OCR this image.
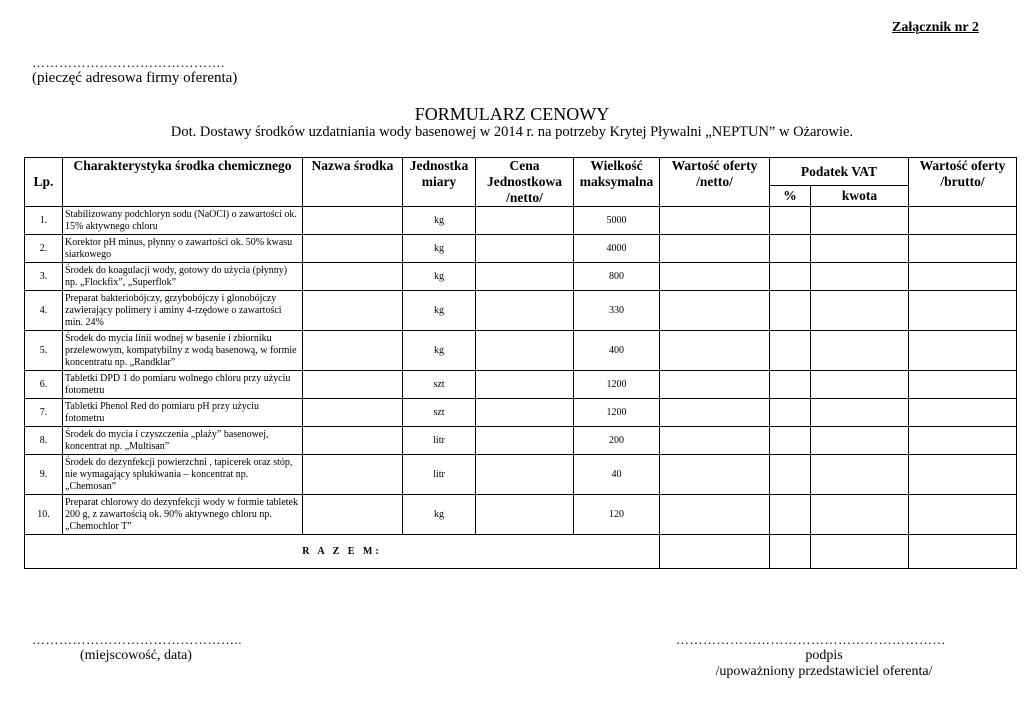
Załącznik nr 2
…………………………………….
(pieczęć adresowa firmy oferenta)
FORMULARZ CENOWY
Dot. Dostawy środków uzdatniania wody basenowej w 2014 r. na potrzeby Krytej Pływalni „NEPTUN” w Ożarowie.
Lp.	Charakterystyka środka chemicznego	Nazwa środka	Jednostka miary	Cena Jednostkowa /netto/	Wielkość maksymalna	Wartość oferty /netto/	Podatek VAT		Wartość oferty /brutto/
							%	kwota	
1.	Stabilizowany podchloryn sodu (NaOCl) o zawartości ok. 15% aktywnego chloru		kg		5000				
2.	Korektor pH minus, płynny o zawartości ok. 50% kwasu siarkowego		kg		4000				
3.	Środek do koagulacji wody, gotowy do użycia (płynny) np. „Flockfix”, „Superflok”		kg		800				
4.	Preparat bakteriobójczy, grzybobójczy i glonobójczy zawierający polimery i aminy 4-rzędowe o zawartości min. 24%		kg		330				
5.	Środek do mycia linii wodnej w basenie i zbiorniku przelewowym, kompatybilny z wodą basenową, w formie koncentratu np. „Randklar”		kg		400				
6.	Tabletki DPD 1 do pomiaru wolnego chloru przy użyciu fotometru		szt		1200				
7.	Tabletki Phenol Red do pomiaru pH przy użyciu fotometru		szt		1200				
8.	Środek do mycia i czyszczenia „plaży” basenowej, koncentrat np. „Multisan”		litr		200				
9.	Środek do dezynfekcji powierzchni , tapicerek oraz stóp, nie wymagający spłukiwania – koncentrat np. „Chemosan”		litr		40				
10.	Preparat chlorowy do dezynfekcji wody w formie tabletek 200 g, z zawartością ok. 90% aktywnego chloru np. „Chemochlor T”		kg		120				
R A Z E M:									
………………………………………..
(miejscowość, data)
……………………………………………………
podpis
/upoważniony przedstawiciel oferenta/
